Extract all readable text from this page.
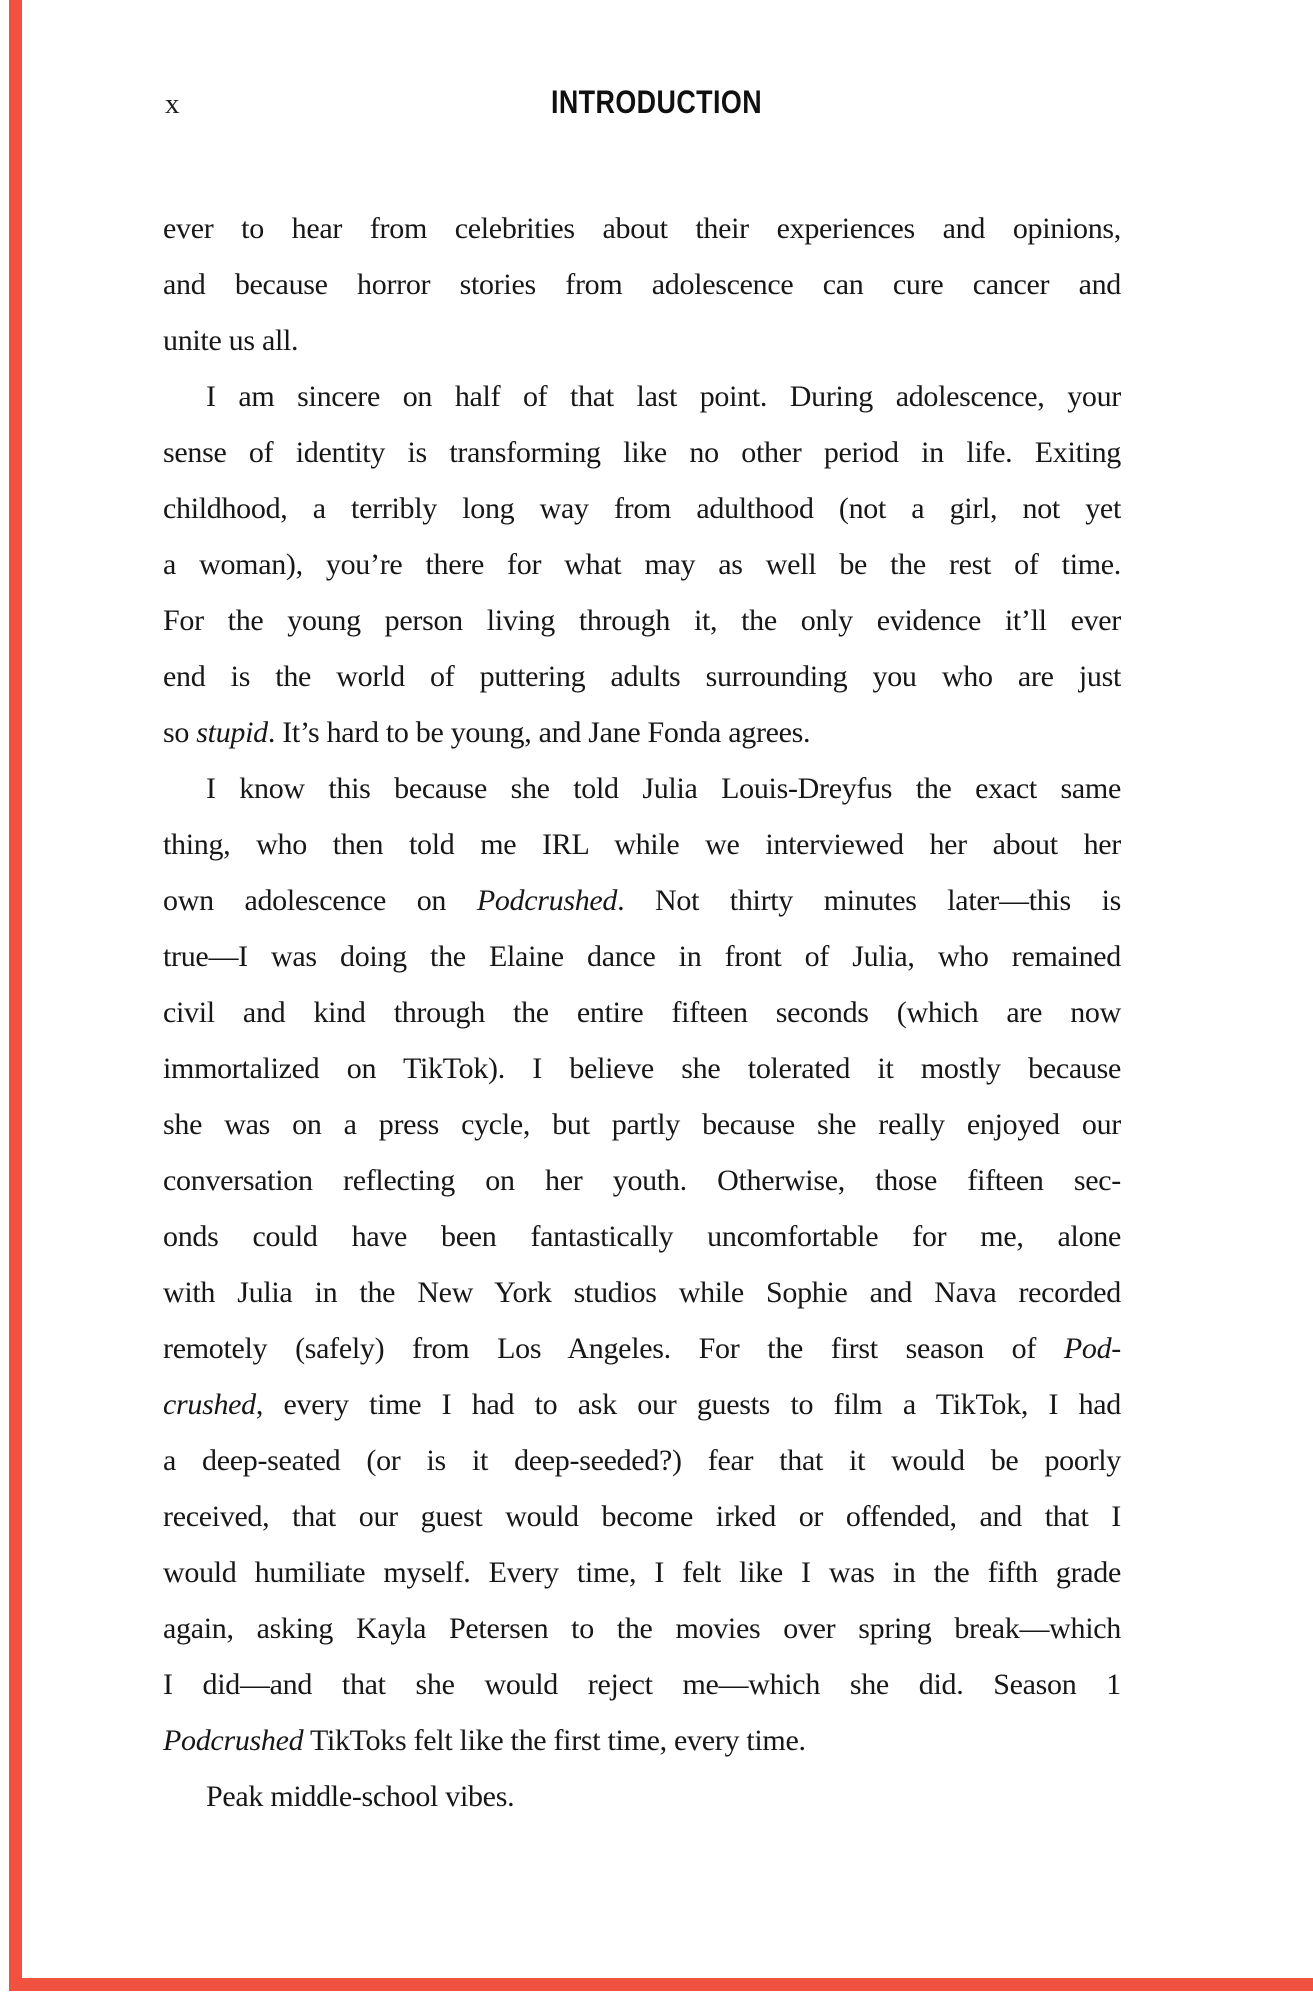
x	INTRODUCTION
ever to hear from celebrities about their experiences and opinions,
and because horror stories from adolescence can cure cancer and
unite us all.
I am sincere on half of that last point. During adolescence, your
sense of identity is transforming like no other period in life. Exiting
childhood, a terribly long way from adulthood (not a girl, not yet
a woman), you’re there for what may as well be the rest of time.
For the young person living through it, the only evidence it’ll ever
end is the world of puttering adults surrounding you who are just
so stupid. It’s hard to be young, and Jane Fonda agrees.
I know this because she told Julia Louis-Dreyfus the exact same
thing, who then told me IRL while we interviewed her about her
own adolescence on Podcrushed. Not thirty minutes later—this is
true—I was doing the Elaine dance in front of Julia, who remained
civil and kind through the entire fifteen seconds (which are now
immortalized on TikTok). I believe she tolerated it mostly because
she was on a press cycle, but partly because she really enjoyed our
conversation reflecting on her youth. Otherwise, those fifteen sec-
onds could have been fantastically uncomfortable for me, alone
with Julia in the New York studios while Sophie and Nava recorded
remotely (safely) from Los Angeles. For the first season of Pod-
crushed, every time I had to ask our guests to film a TikTok, I had
a deep-seated (or is it deep-seeded?) fear that it would be poorly
received, that our guest would become irked or offended, and that I
would humiliate myself. Every time, I felt like I was in the fifth grade
again, asking Kayla Petersen to the movies over spring break—which
I did—and that she would reject me—which she did. Season 1
Podcrushed TikToks felt like the first time, every time.
Peak middle-school vibes.
